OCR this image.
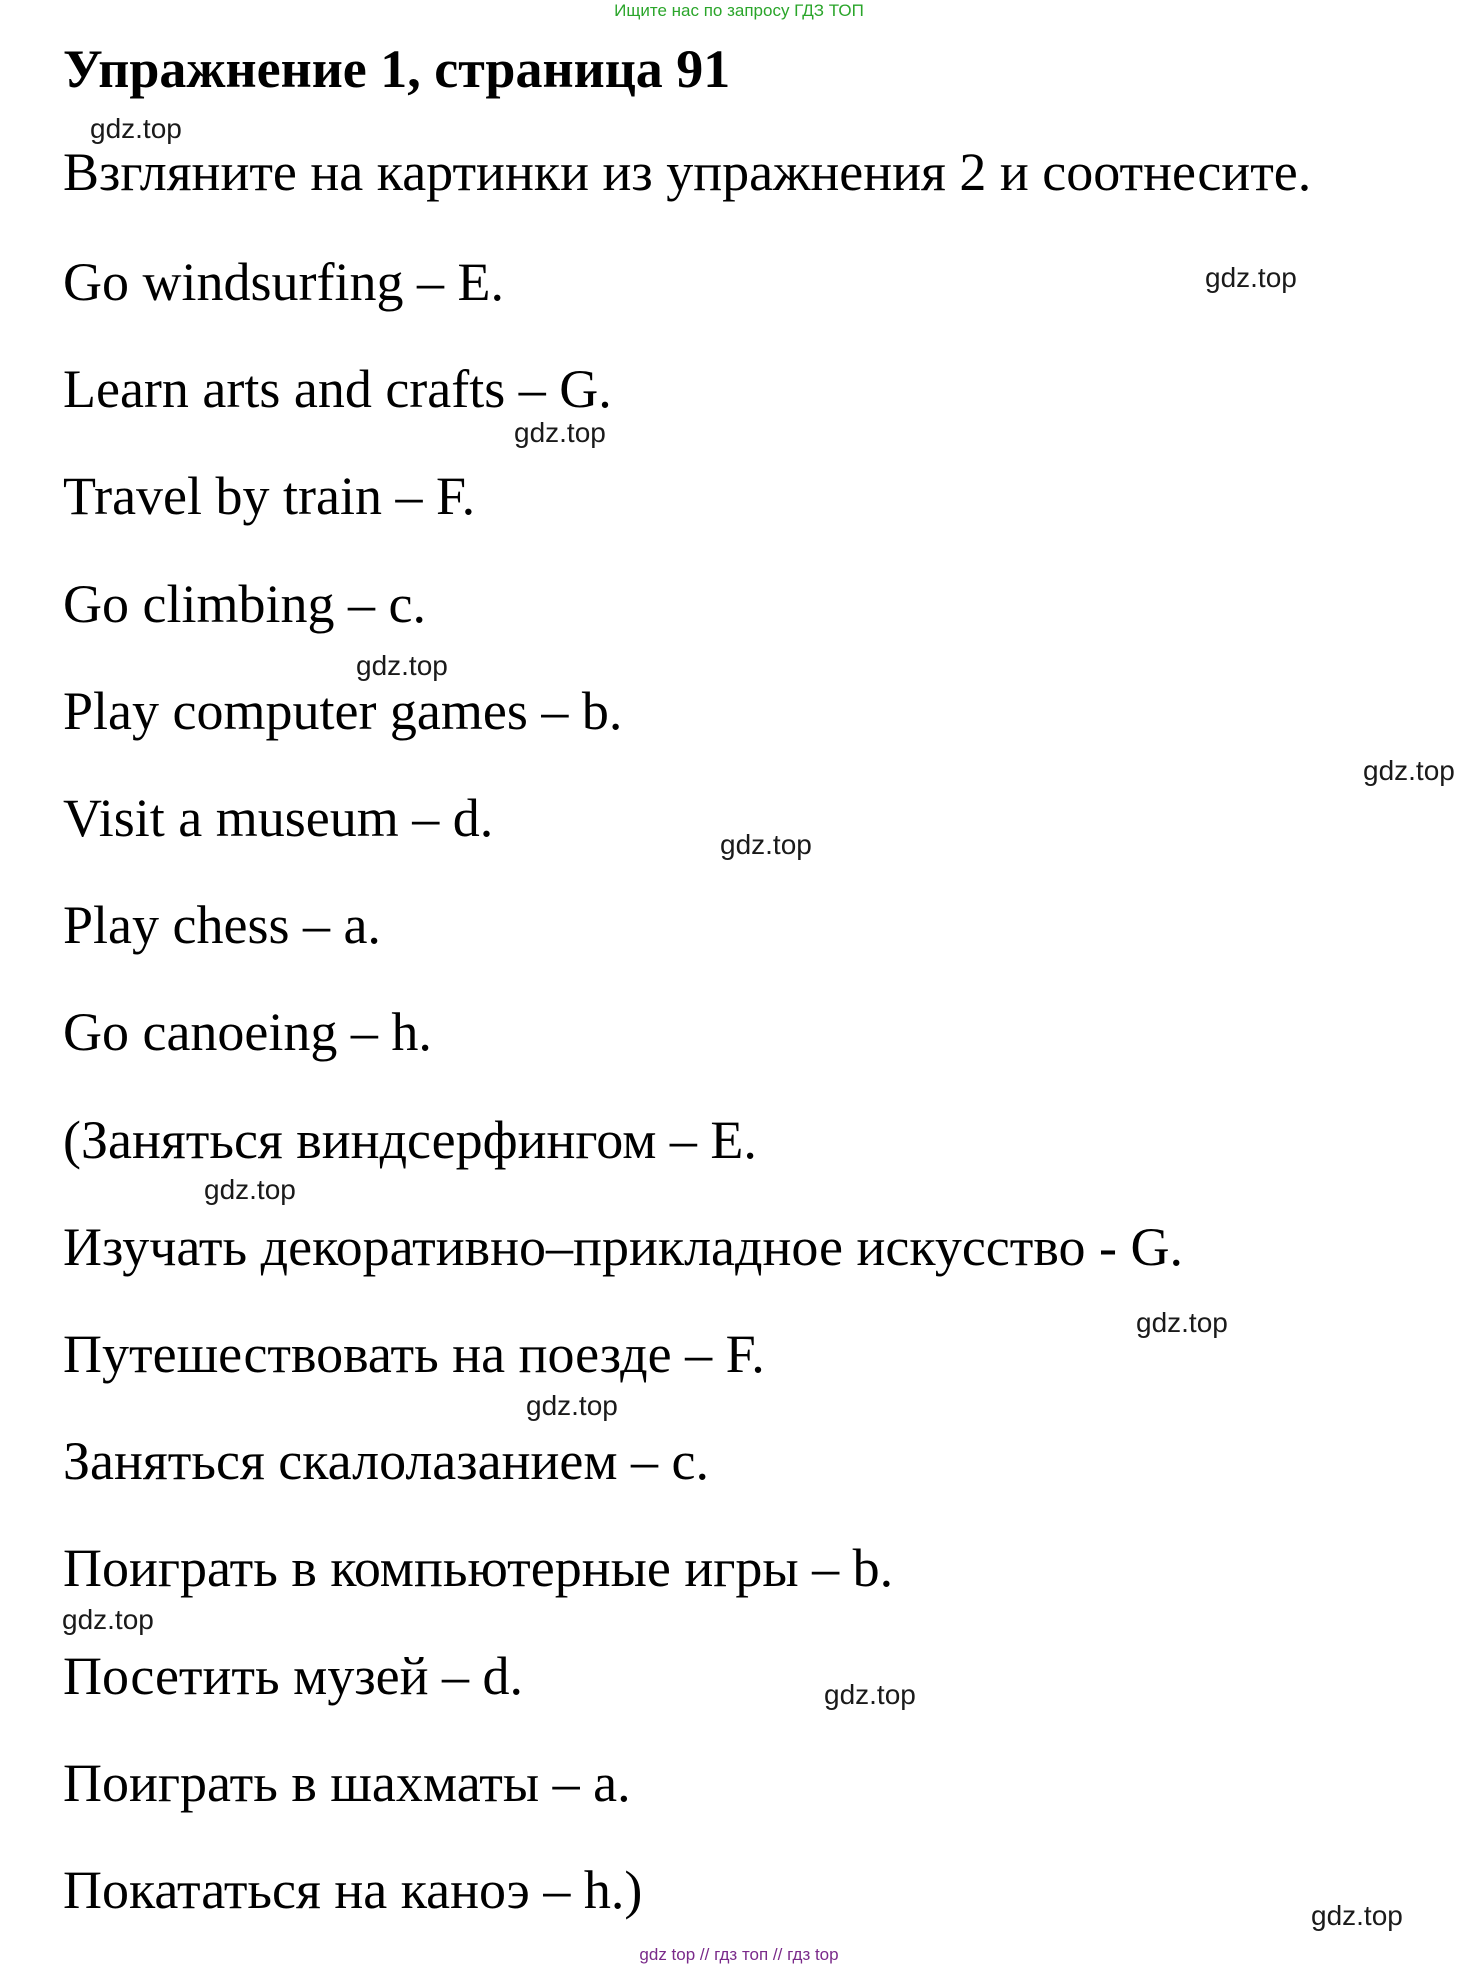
Ищите нас по запросу ГДЗ ТОП
Упражнение 1, страница 91
Взгляните на картинки из упражнения 2 и соотнесите.
Go windsurfing – E.
Learn arts and crafts – G.
Travel by train – F.
Go climbing – c.
Play computer games – b.
Visit a museum – d.
Play chess – a.
Go canoeing – h.
(Заняться виндсерфингом – E.
Изучать декоративно–прикладное искусство - G.
Путешествовать на поезде – F.
Заняться скалолазанием – c.
Поиграть в компьютерные игры – b.
Посетить музей – d.
Поиграть в шахматы – a.
Покататься на каноэ – h.)
gdz.top
gdz.top
gdz.top
gdz.top
gdz.top
gdz.top
gdz.top
gdz.top
gdz.top
gdz.top
gdz.top
gdz.top
gdz top // гдз топ // гдз top
